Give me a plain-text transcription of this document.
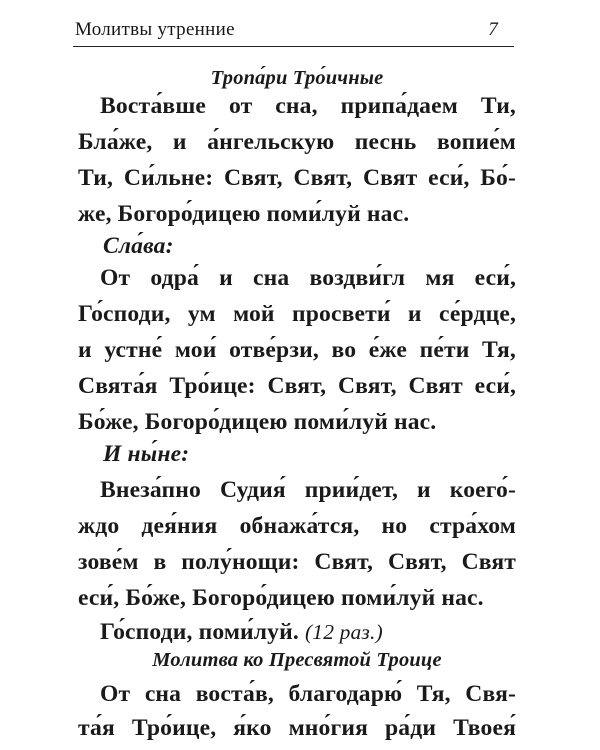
Молитвы утренние	7
Тропа́ри Тро́ичные
Воста́вше от сна, припа́даем Ти,
Бла́же, и а́нгельскую песнь вопие́м
Ти, Си́льне: Свят, Свят, Свят еси́, Бо́-
же, Богоро́дицею поми́луй нас.
Сла́ва:
От одра́ и сна воздви́гл мя еси́,
Го́споди, ум мой просвети́ и се́рдце,
и устне́ мои́ отве́рзи, во е́же пе́ти Тя,
Свята́я Тро́ице: Свят, Свят, Свят еси́,
Бо́же, Богоро́дицею поми́луй нас.
И ны́не:
Внеза́пно Судия́ прии́дет, и коего́-
ждо дея́ния обнажа́тся, но стра́хом
зове́м в полу́нощи: Свят, Свят, Свят
еси́, Бо́же, Богоро́дицею поми́луй нас.
Го́споди, поми́луй. (12 раз.)
Молитва ко Пресвятой Троице
От сна воста́в, благодарю́ Тя, Свя-
та́я Тро́ице, я́ко мно́гия ра́ди Твоея́
